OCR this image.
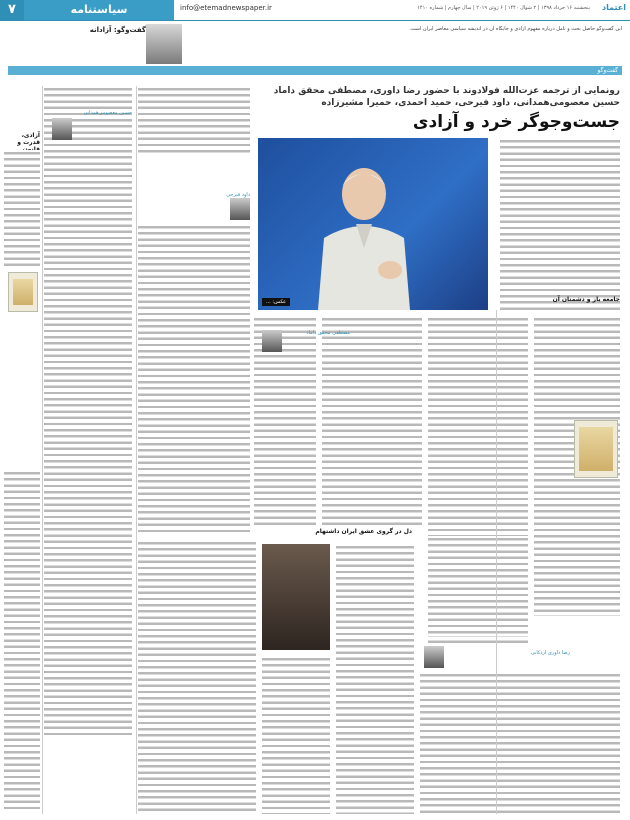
اعتماد
پنجشنبه ۱۶ خرداد ۱۳۹۸ | ۲ شوال ۱۴۴۰ | ۶ ژوئن ۲۰۱۹ | سال چهارم | شماره ۱۴۱۰
info@etemadnewspaper.ir
سیاستنامه
۷
این گفت‌وگو حاصل بحث و تأمل درباره مفهوم آزادی و جایگاه آن در اندیشه سیاسی معاصر ایران است.
گفت‌وگو: آزادانه
گفت‌وگو
رونمایی از ترجمه عزت‌الله فولادوند با حضور رضا داوری، مصطفی محقق داماد
حسین معصومی‌همدانی، داود فیرحی، حمید احمدی، حمیرا مشیرزاده
جست‌وجوگر خرد و آزادی
عکس: ...	جامعه باز و دشمنان آن
مصطفی محقق داماد
داود فیرحی
حسین معصومی‌همدانی
آزادی، قدرت و
دل در گروی عشق ایران داشتهام
رضا داوری اردکانی
